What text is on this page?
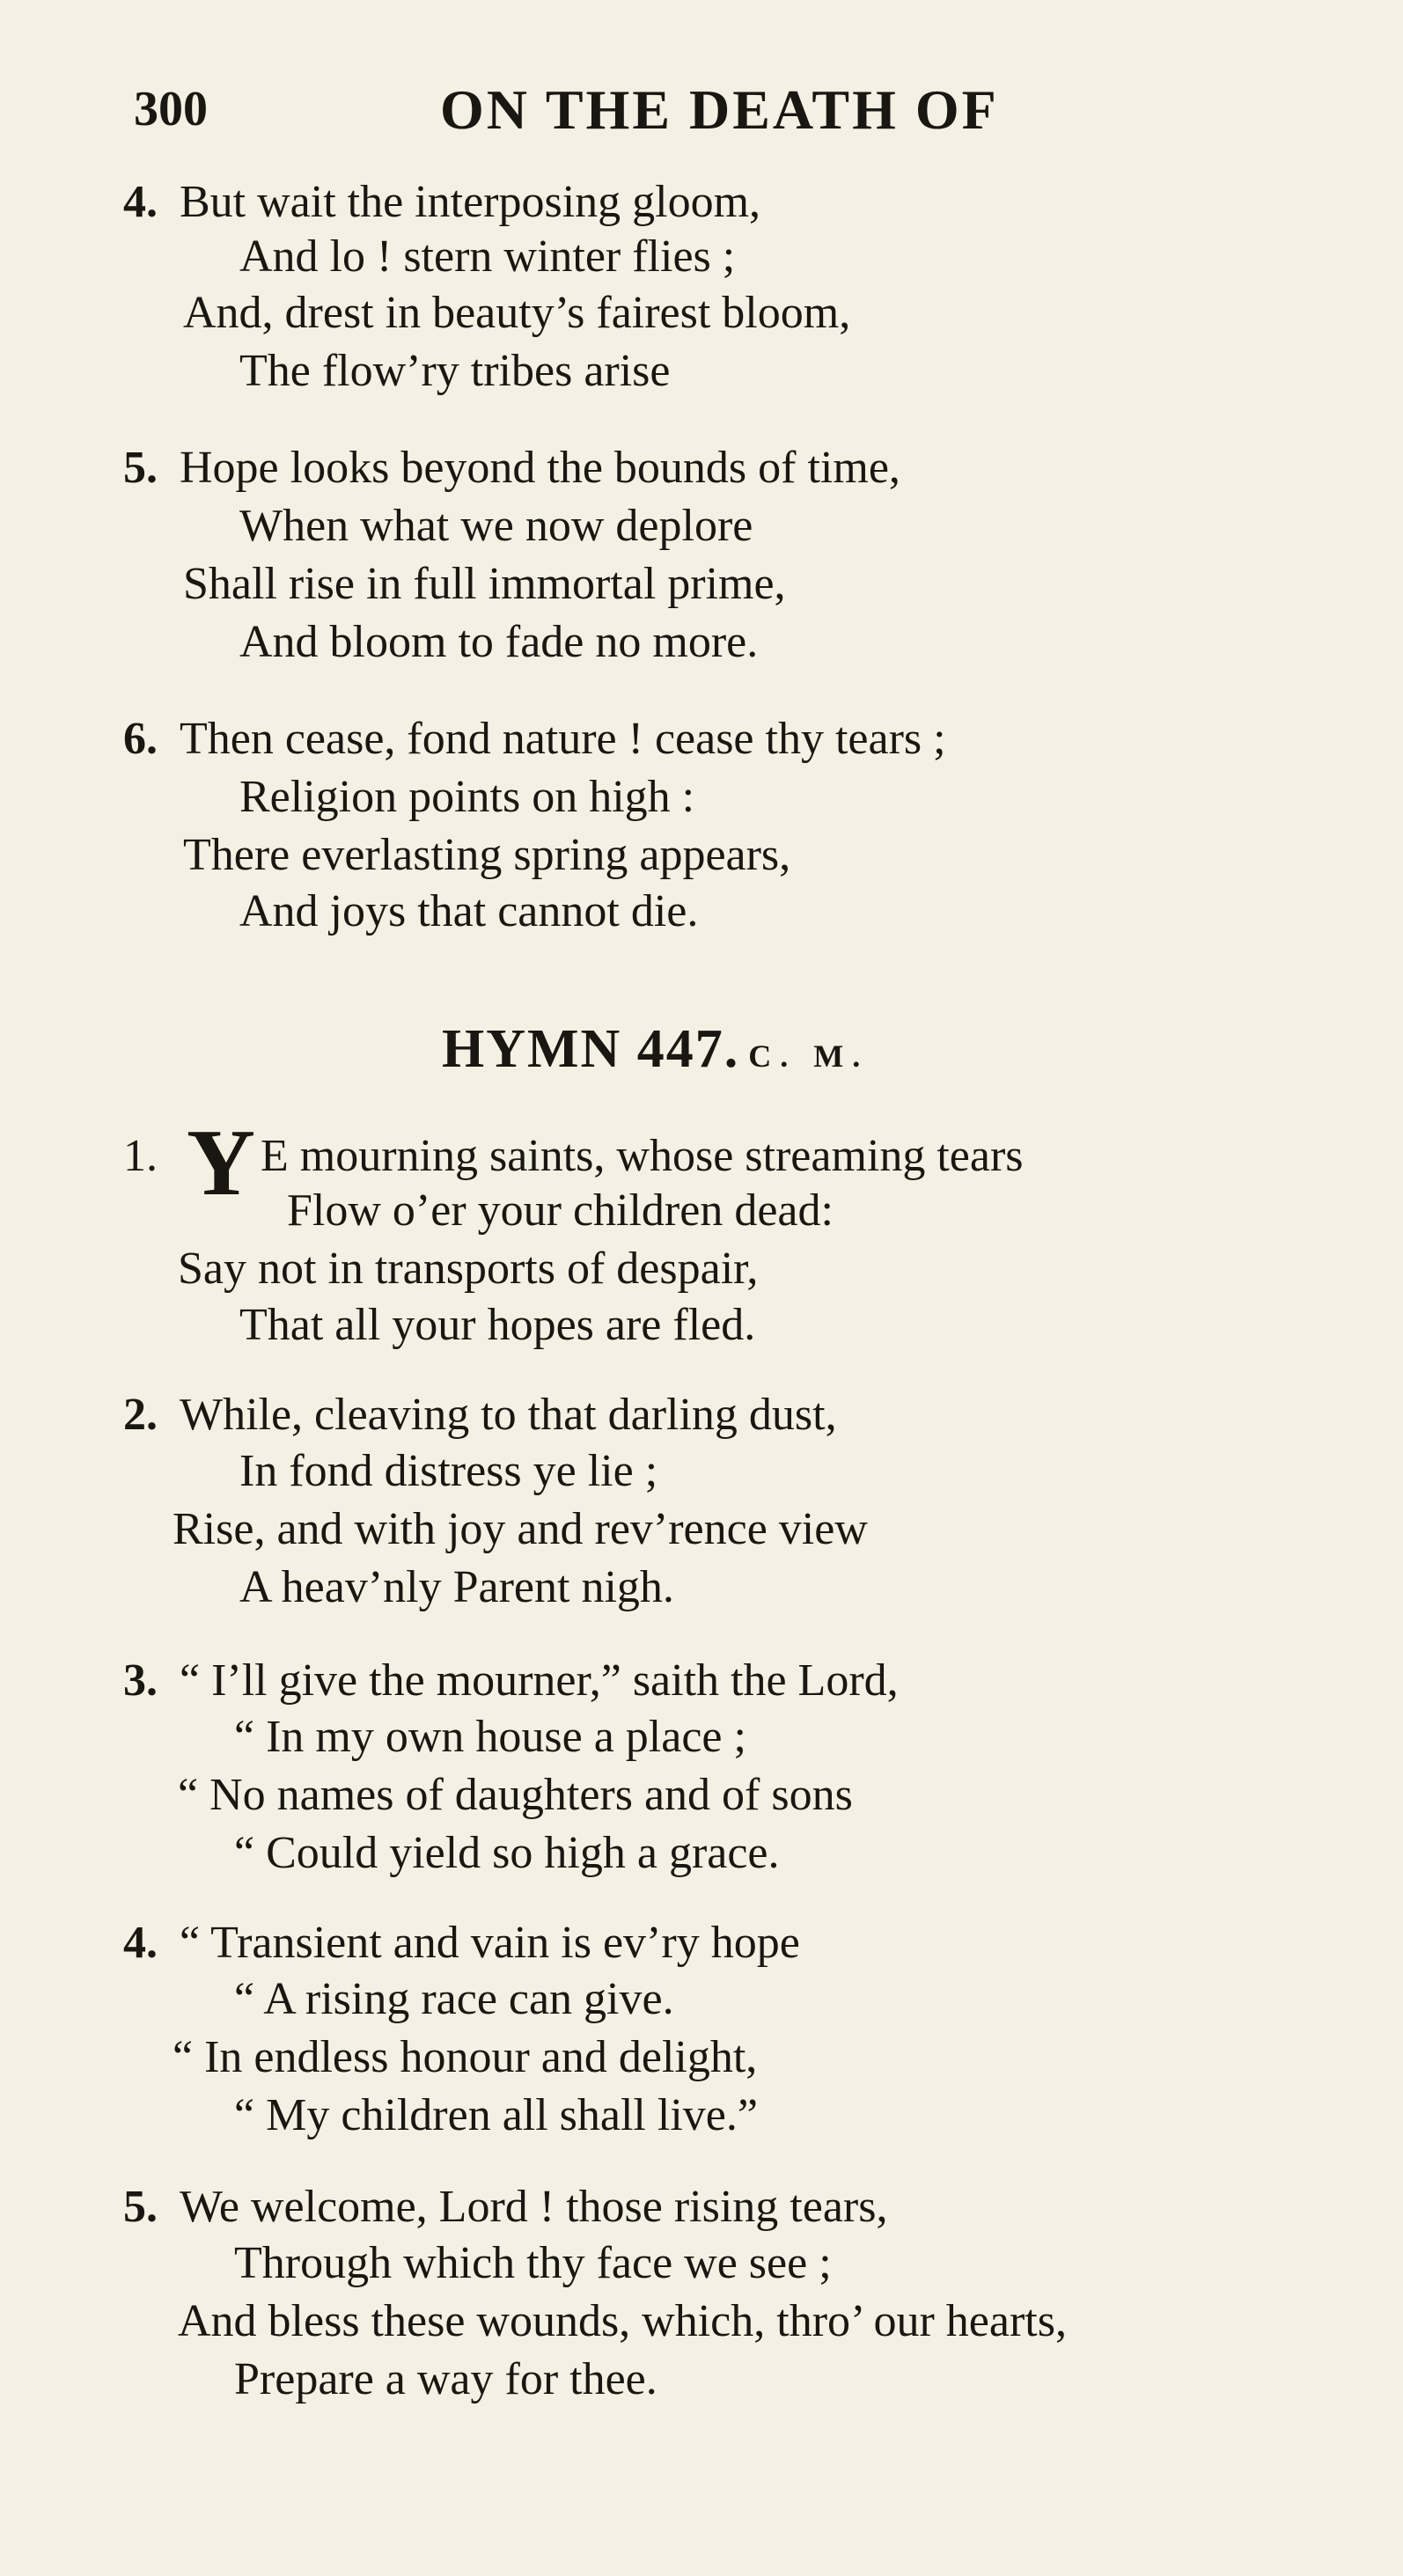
300	ON THE DEATH OF
4. But wait the interposing gloom,
And lo ! stern winter flies ;
And, drest in beauty’s fairest bloom,
The flow’ry tribes arise
5. Hope looks beyond the bounds of time,
When what we now deplore
Shall rise in full immortal prime,
And bloom to fade no more.
6. Then cease, fond nature ! cease thy tears ;
Religion points on high :
There everlasting spring appears,
And joys that cannot die.
HYMN 447. C. M.
1. Y E mourning saints, whose streaming tears
Flow o’er your children dead:
Say not in transports of despair,
That all your hopes are fled.
2. While, cleaving to that darling dust,
In fond distress ye lie ;
Rise, and with joy and rev’rence view
A heav’nly Parent nigh.
3. “ I’ll give the mourner,” saith the Lord,
“ In my own house a place ;
“ No names of daughters and of sons
“ Could yield so high a grace.
4. “ Transient and vain is ev’ry hope
“ A rising race can give.
“ In endless honour and delight,
“ My children all shall live.”
5. We welcome, Lord ! those rising tears,
Through which thy face we see ;
And bless these wounds, which, thro’ our hearts,
Prepare a way for thee.
